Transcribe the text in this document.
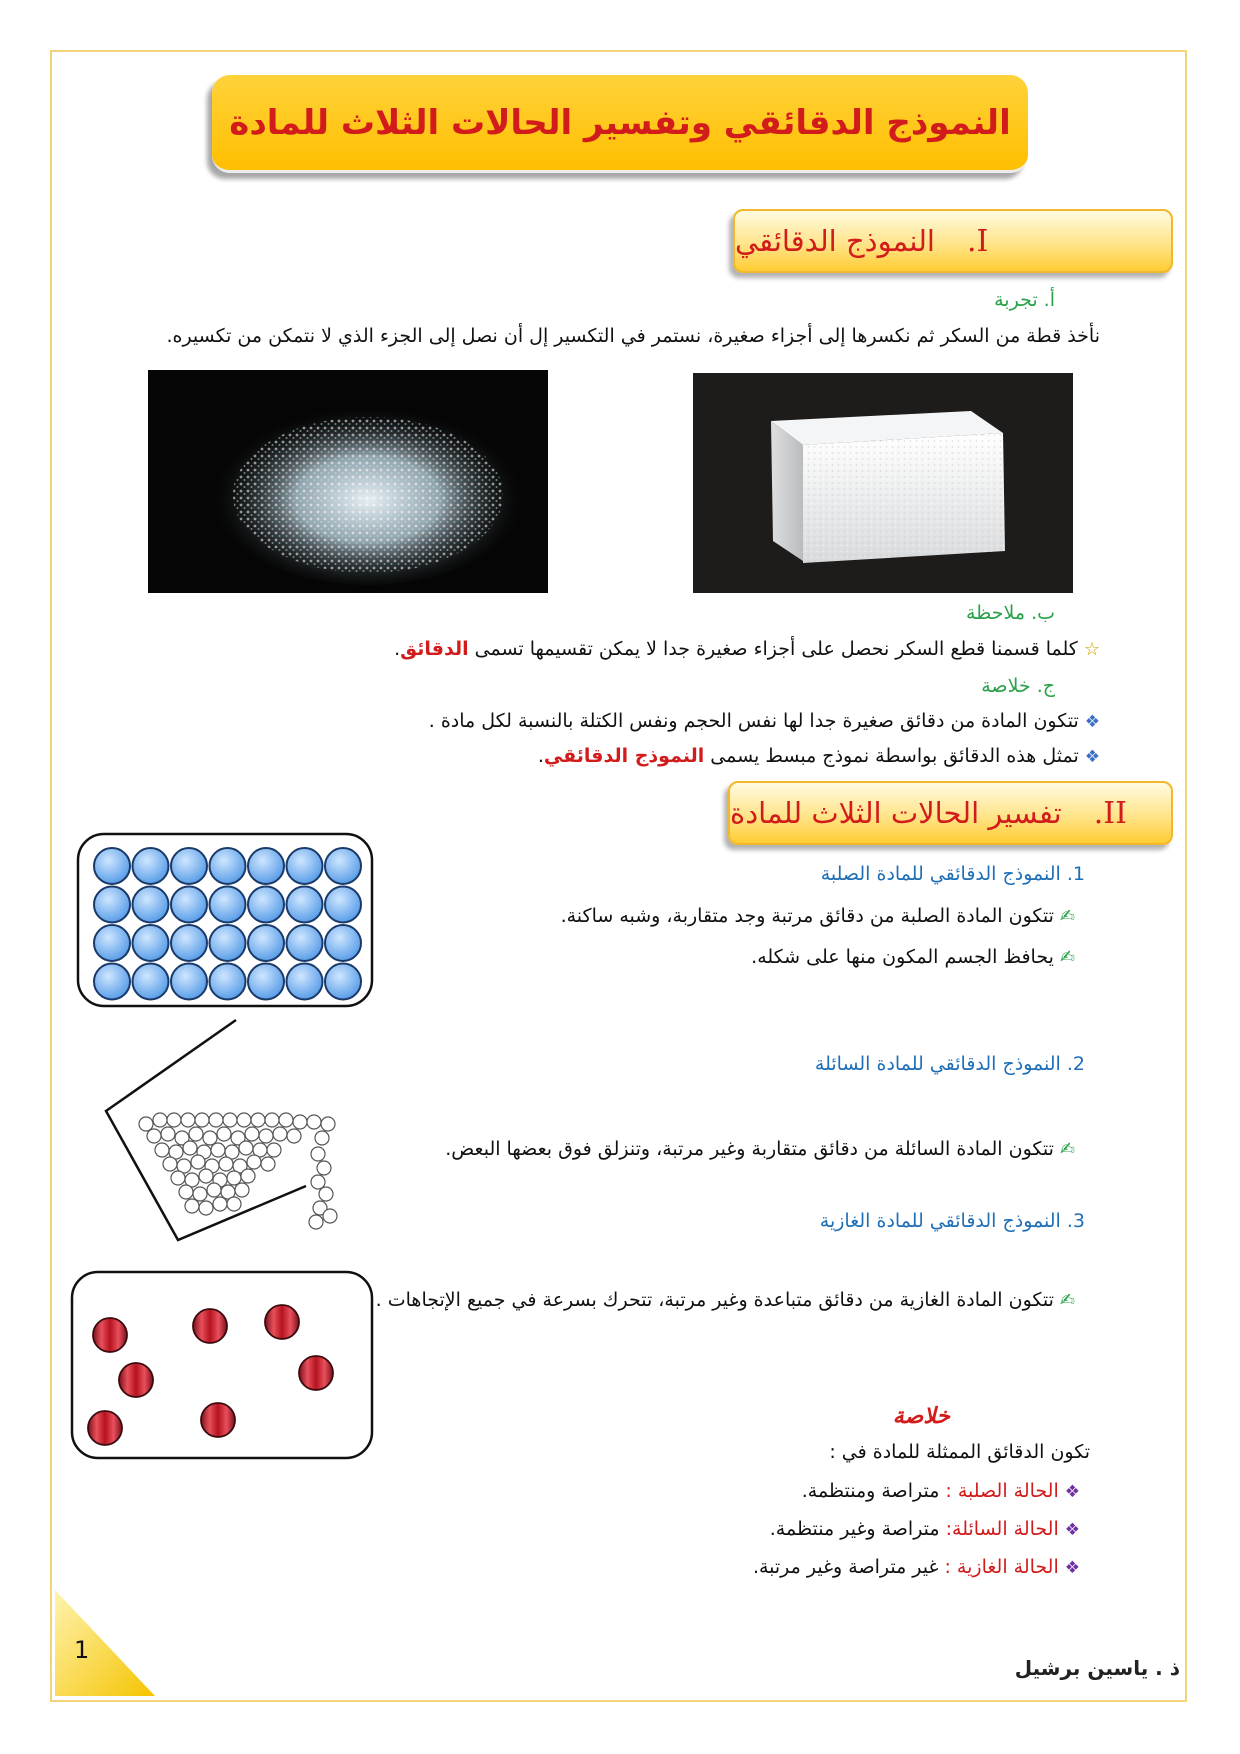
النموذج الدقائقي وتفسير الحالات الثلاث للمادة
I.
النموذج الدقائقي
أ. تجربة
نأخذ قطة من السكر ثم نكسرها إلى أجزاء صغيرة، نستمر في التكسير إل أن نصل إلى الجزء الذي لا نتمكن من تكسيره.
ب. ملاحظة
☆كلما قسمنا قطع السكر نحصل على أجزاء صغيرة جدا لا يمكن تقسيمها تسمى الدقائق.
ج. خلاصة
❖تتكون المادة من دقائق صغيرة جدا لها نفس الحجم ونفس الكتلة بالنسبة لكل مادة .
❖تمثل هذه الدقائق بواسطة نموذج مبسط يسمى النموذج الدقائقي.
II.
تفسير الحالات الثلاث للمادة
1. النموذج الدقائقي للمادة الصلبة
✍تتكون المادة الصلبة من دقائق مرتبة وجد متقاربة، وشبه ساكنة.
✍يحافظ الجسم المكون منها على شكله.
2. النموذج الدقائقي للمادة السائلة
✍تتكون المادة السائلة من دقائق متقاربة وغير مرتبة، وتنزلق فوق بعضها البعض.
3. النموذج الدقائقي للمادة الغازية
✍تتكون المادة الغازية من دقائق متباعدة وغير مرتبة، تتحرك بسرعة في جميع الإتجاهات .
خلاصة
تكون الدقائق الممثلة للمادة في :
❖الحالة الصلبة : متراصة ومنتظمة.
❖الحالة السائلة: متراصة وغير منتظمة.
❖الحالة الغازية : غير متراصة وغير مرتبة.
1
ذ . ياسين برشيل
